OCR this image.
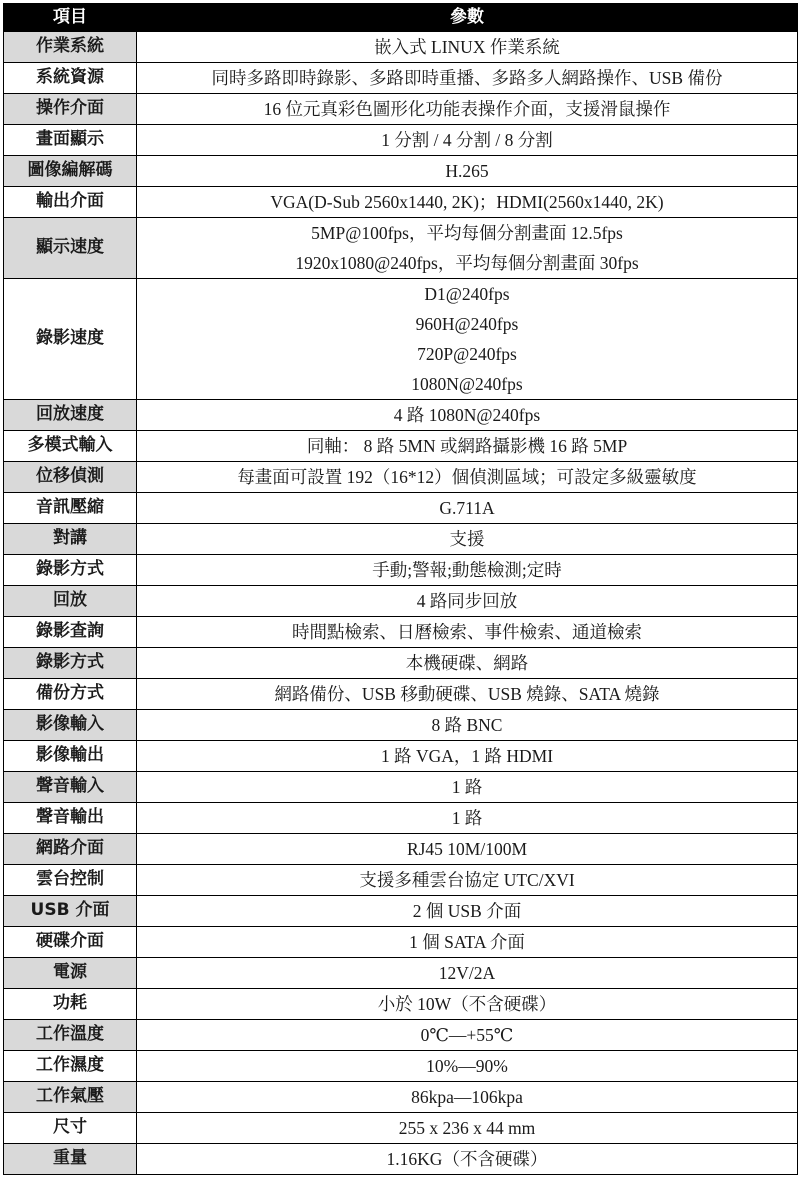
項目	參數
作業系統	嵌入式 LINUX 作業系統

系統資源	同時多路即時錄影、多路即時重播、多路多人網路操作、USB 備份

操作介面	16 位元真彩色圖形化功能表操作介面，支援滑鼠操作

畫面顯示	1 分割 / 4 分割 / 8 分割

圖像編解碼	H.265

輸出介面	VGA(D-Sub 2560x1440, 2K)；HDMI(2560x1440, 2K)

顯示速度	5MP@100fps，平均每個分割畫面 12.5fps
1920x1080@240fps，平均每個分割畫面 30fps

錄影速度	D1@240fps
960H@240fps
720P@240fps
1080N@240fps

回放速度	4 路 1080N@240fps

多模式輸入	同軸： 8 路 5MN 或網路攝影機 16 路 5MP

位移偵測	每畫面可設置 192（16*12）個偵測區域；可設定多級靈敏度

音訊壓縮	G.711A

對講	支援

錄影方式	手動;警報;動態檢測;定時

回放	4 路同步回放

錄影查詢	時間點檢索、日曆檢索、事件檢索、通道檢索

錄影方式	本機硬碟、網路

備份方式	網路備份、USB 移動硬碟、USB 燒錄、SATA 燒錄

影像輸入	8 路 BNC

影像輸出	1 路 VGA，1 路 HDMI

聲音輸入	1 路

聲音輸出	1 路

網路介面	RJ45 10M/100M

雲台控制	支援多種雲台協定 UTC/XVI

USB 介面	2 個 USB 介面

硬碟介面	1 個 SATA 介面

電源	12V/2A

功耗	小於 10W（不含硬碟）

工作溫度	0℃—+55℃

工作濕度	10%—90%

工作氣壓	86kpa—106kpa

尺寸	255 x 236 x 44 mm

重量	1.16KG（不含硬碟）
